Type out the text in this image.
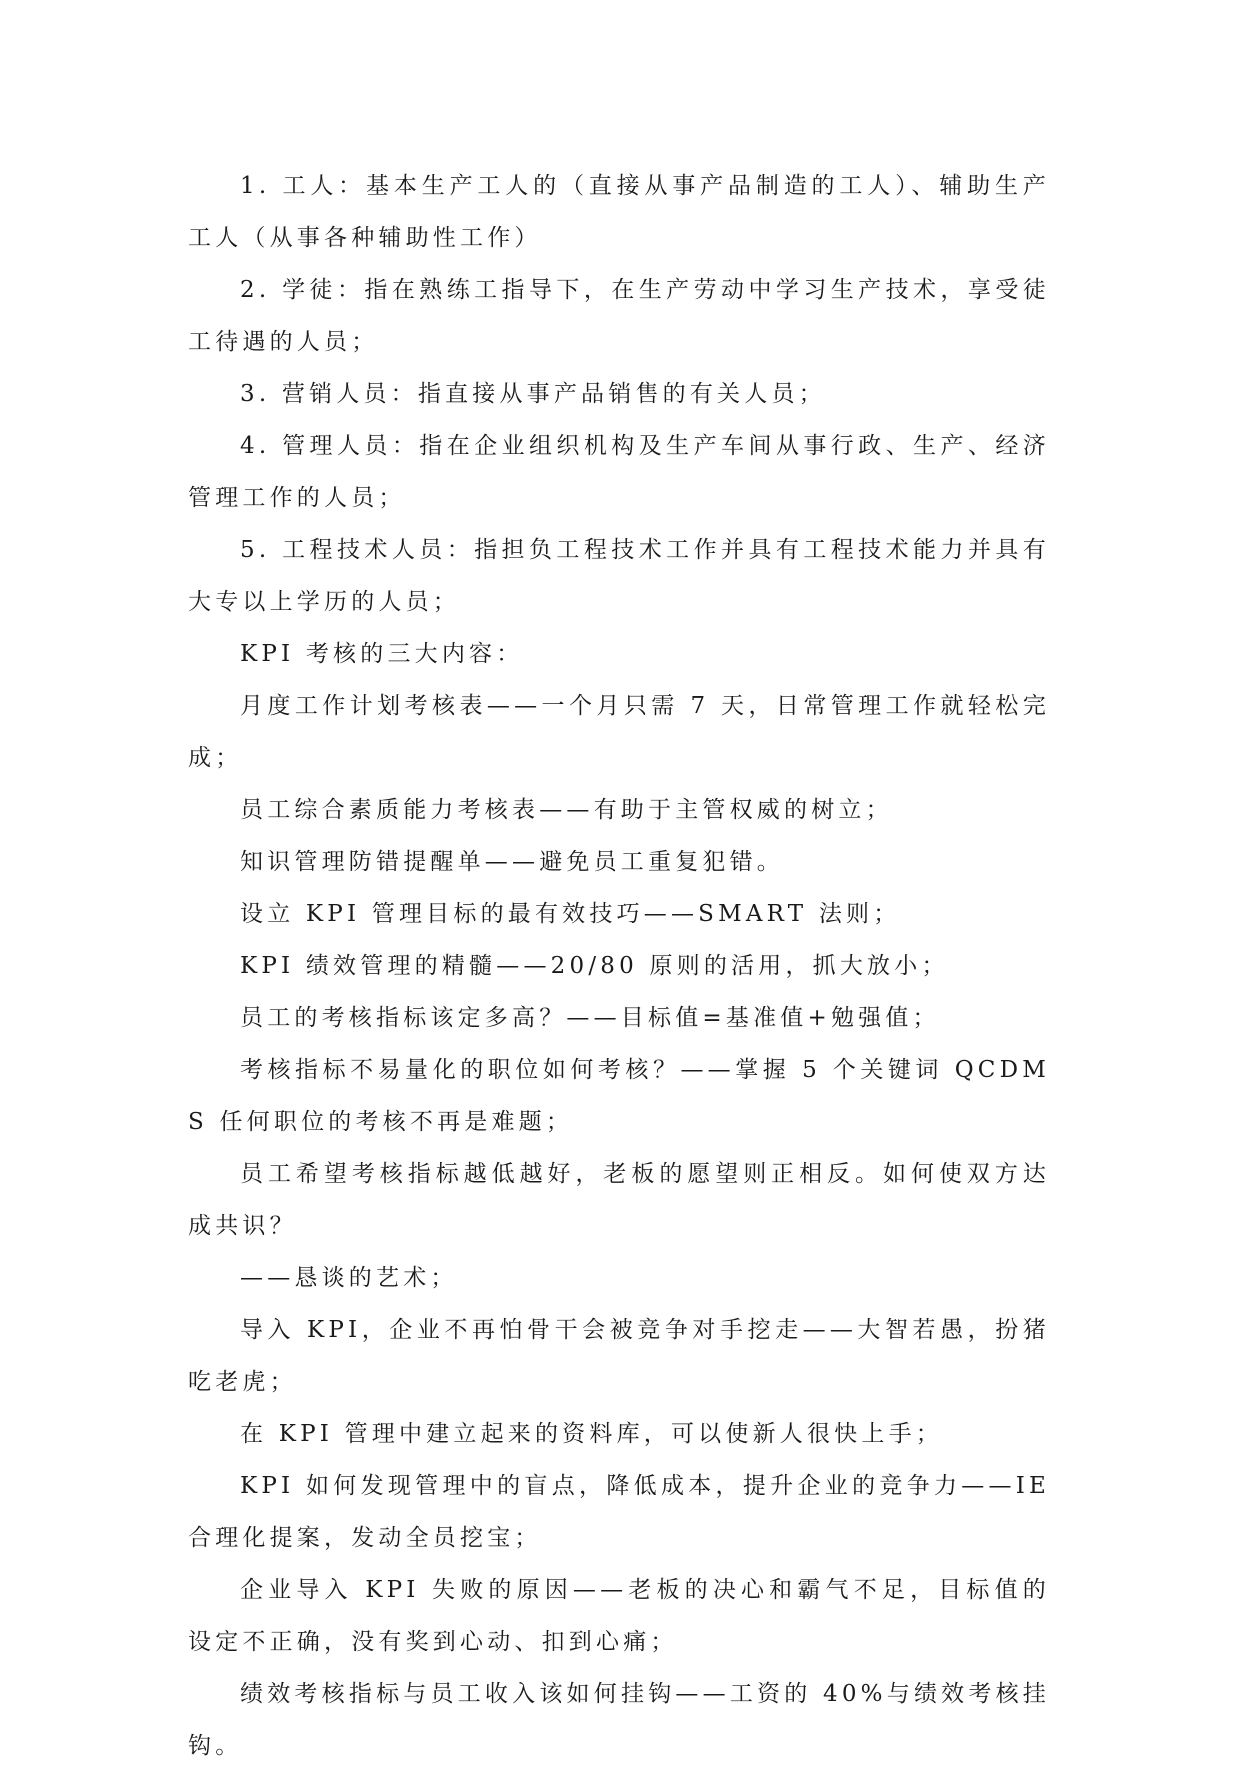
1. 工人：基本生产工人的（直接从事产品制造的工人）、辅助生产工人（从事各种辅助性工作）

2. 学徒：指在熟练工指导下，在生产劳动中学习生产技术，享受徒工待遇的人员；

3. 营销人员：指直接从事产品销售的有关人员；

4. 管理人员：指在企业组织机构及生产车间从事行政、生产、经济管理工作的人员；

5. 工程技术人员：指担负工程技术工作并具有工程技术能力并具有大专以上学历的人员；

KPI 考核的三大内容：

月度工作计划考核表——一个月只需 7 天，日常管理工作就轻松完成；

员工综合素质能力考核表——有助于主管权威的树立；

知识管理防错提醒单——避免员工重复犯错。

设立 KPI 管理目标的最有效技巧——SMART 法则；

KPI 绩效管理的精髓——20/80 原则的活用，抓大放小；

员工的考核指标该定多高？——目标值=基准值+勉强值；

考核指标不易量化的职位如何考核？——掌握 5 个关键词 QCDMS 任何职位的考核不再是难题；

员工希望考核指标越低越好，老板的愿望则正相反。如何使双方达成共识？

——恳谈的艺术；

导入 KPI，企业不再怕骨干会被竞争对手挖走——大智若愚，扮猪吃老虎；

在 KPI 管理中建立起来的资料库，可以使新人很快上手；

KPI 如何发现管理中的盲点，降低成本，提升企业的竞争力——IE 合理化提案，发动全员挖宝；

企业导入 KPI 失败的原因——老板的决心和霸气不足，目标值的设定不正确，没有奖到心动、扣到心痛；

绩效考核指标与员工收入该如何挂钩——工资的 40%与绩效考核挂钩。
